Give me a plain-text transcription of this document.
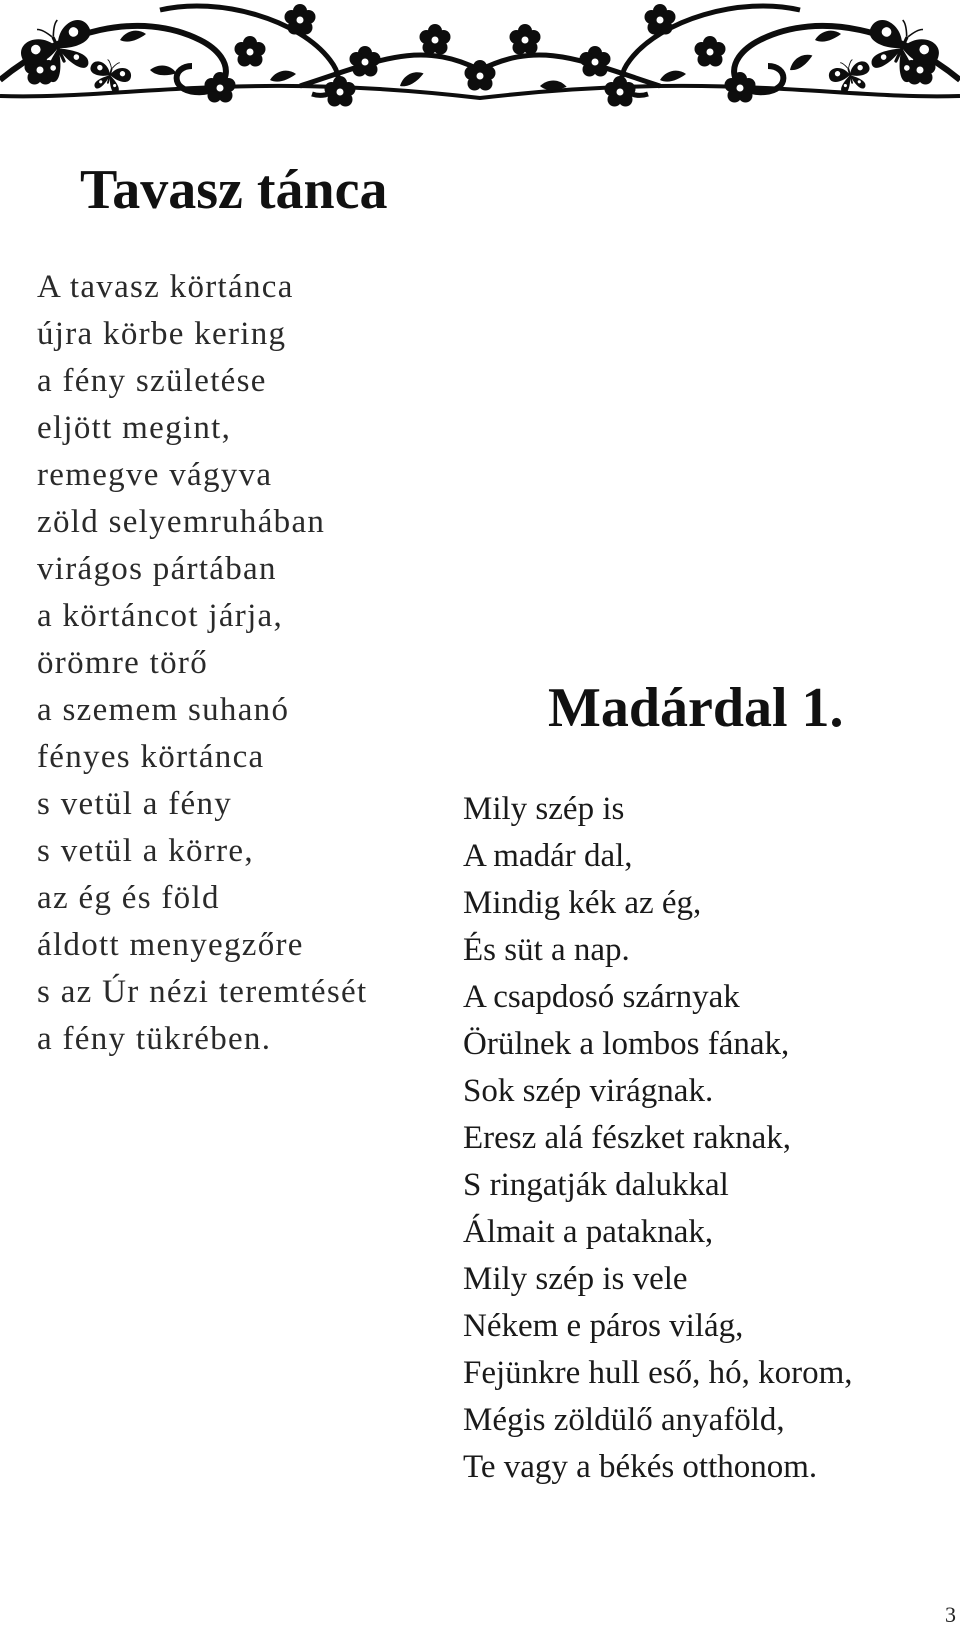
Tavasz tánca
A tavasz körtánca
újra körbe kering
a fény születése
eljött megint,
remegve vágyva
zöld selyemruhában
virágos pártában
a körtáncot járja,
örömre törő
a szemem suhanó
fényes körtánca
s vetül a fény
s vetül a körre,
az ég és föld
áldott menyegzőre
s az Úr nézi teremtését
a fény tükrében.
Madárdal 1.
Mily szép is
A madár dal,
Mindig kék az ég,
És süt a nap.
A csapdosó szárnyak
Örülnek a lombos fának,
Sok szép virágnak.
Eresz alá fészket raknak,
S ringatják dalukkal
Álmait a pataknak,
Mily szép is vele
Nékem e páros világ,
Fejünkre hull eső, hó, korom,
Mégis zöldülő anyaföld,
Te vagy a békés otthonom.
3
